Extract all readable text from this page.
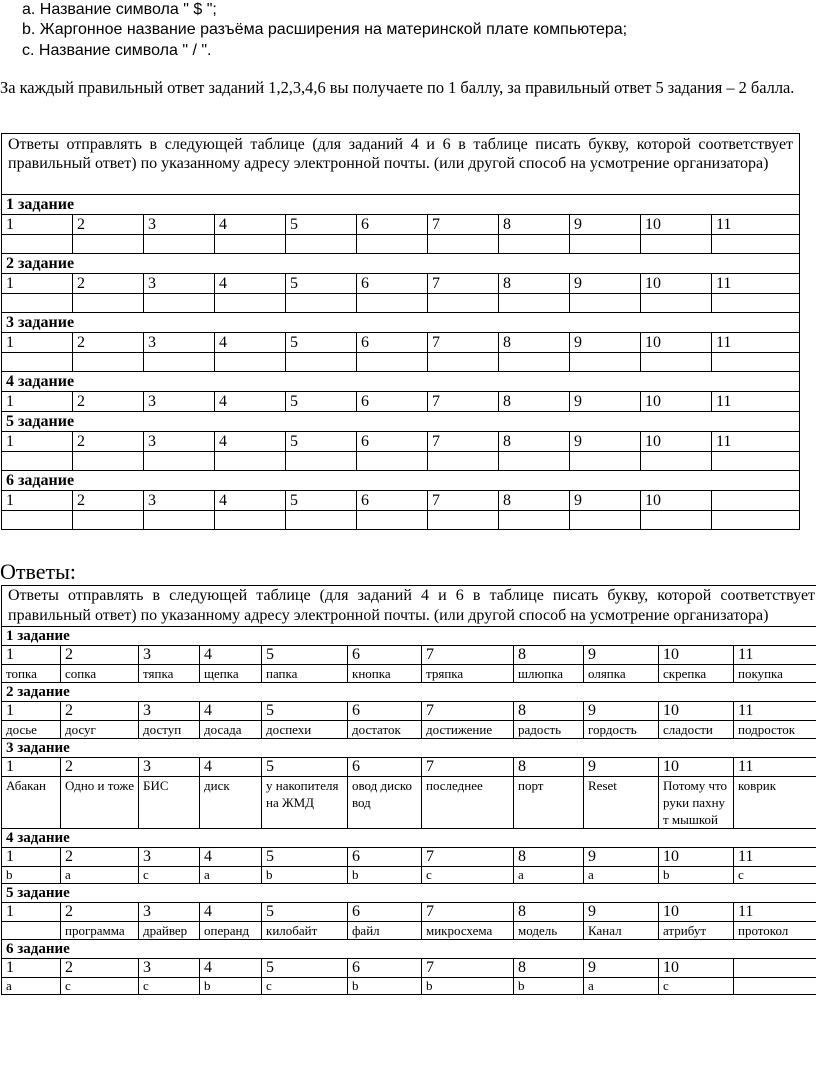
a. Название символа " $ ";
b. Жаргонное название разъёма расширения на материнской плате компьютера;
c. Название символа " / ".
За каждый правильный ответ заданий 1,2,3,4,6 вы получаете по 1 баллу, за правильный ответ 5 задания – 2 балла.
Ответы отправлять в следующей таблице (для заданий 4 и 6 в таблице писать букву, которой соответствует правильный ответ) по указанному адресу электронной почты. (или другой способ на усмотрение организатора)										
1 задание										
1	2	3	4	5	6	7	8	9	10	11

2 задание										
1	2	3	4	5	6	7	8	9	10	11

3 задание										
1	2	3	4	5	6	7	8	9	10	11

4 задание										
1	2	3	4	5	6	7	8	9	10	11
5 задание										
1	2	3	4	5	6	7	8	9	10	11

6 задание										
1	2	3	4	5	6	7	8	9	10	

Ответы:
Ответы отправлять в следующей таблице (для заданий 4 и 6 в таблице писать букву, которой соответствует правильный ответ) по указанному адресу электронной почты. (или другой способ на усмотрение организатора)										
1 задание										
1	2	3	4	5	6	7	8	9	10	11
топка	сопка	тяпка	щепка	папка	кнопка	тряпка	шлюпка	оляпка	скрепка	покупка
2 задание										
1	2	3	4	5	6	7	8	9	10	11
досье	досуг	доступ	досада	доспехи	достаток	достижение	радость	гордость	сладости	подросток
3 задание										
1	2	3	4	5	6	7	8	9	10	11
Абакан	Одно и тоже	БИС	диск	у накопителя на ЖМД	овод дисковод	последнее	порт	Reset	Потому что руки пахнут мышкой	коврик
4 задание										
1	2	3	4	5	6	7	8	9	10	11
b	a	c	a	b	b	c	a	a	b	c
5 задание										
1	2	3	4	5	6	7	8	9	10	11
	программа	драйвер	операнд	килобайт	файл	микросхема	модель	Канал	атрибут	протокол
6 задание										
1	2	3	4	5	6	7	8	9	10	
a	c	c	b	c	b	b	b	a	c	
